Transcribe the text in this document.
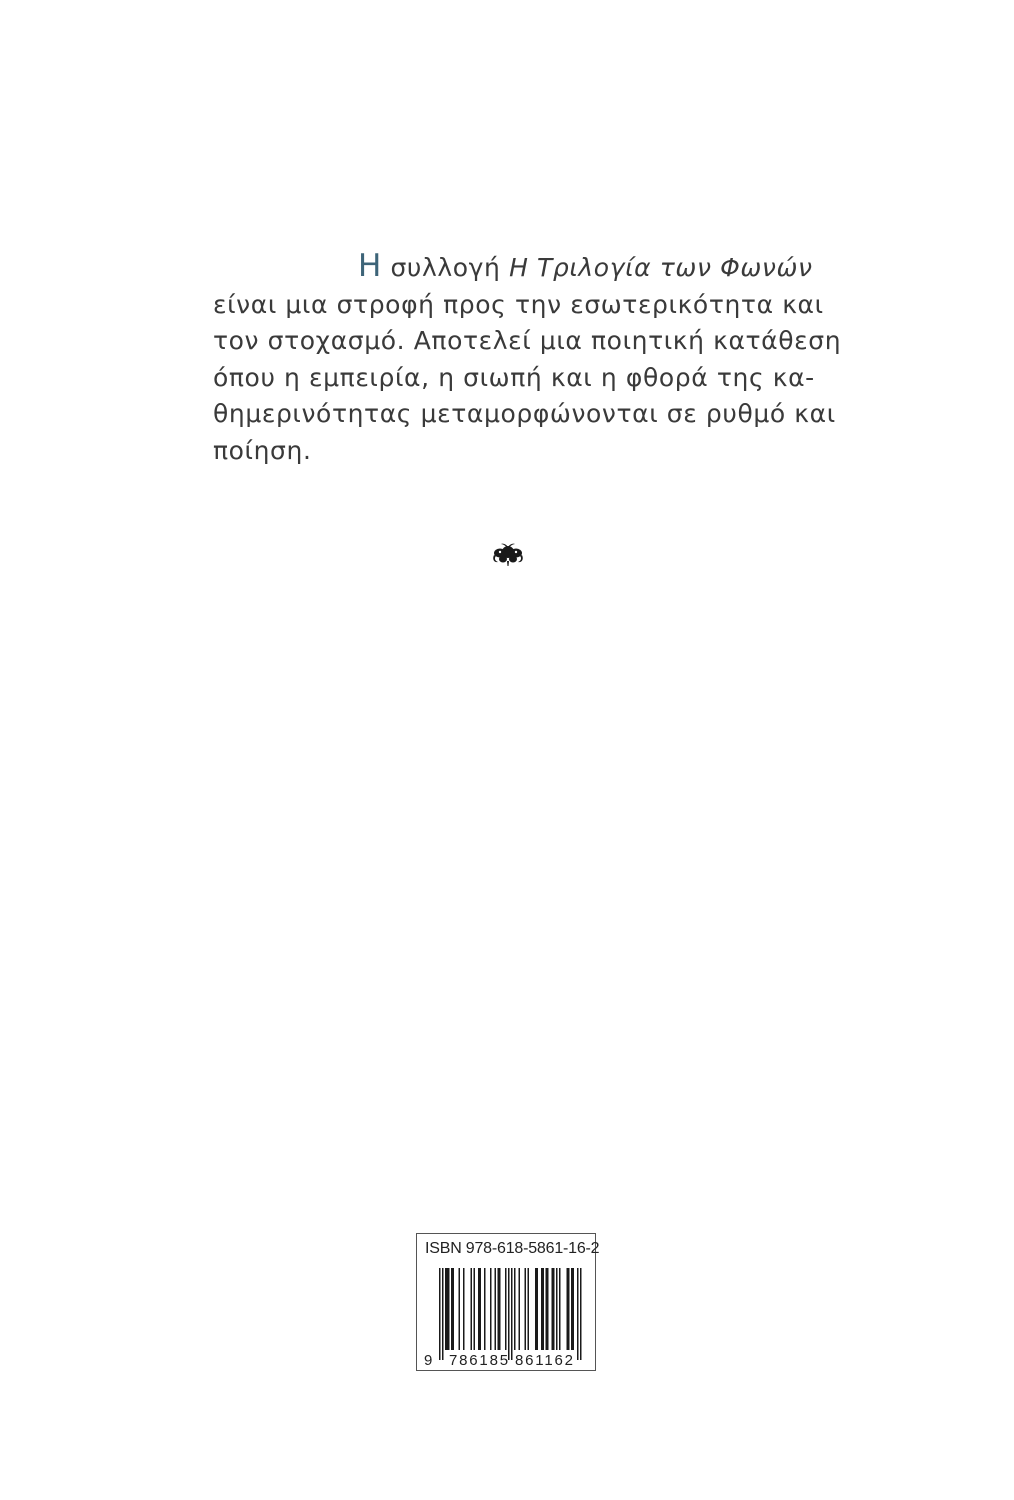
Η συλλογή Η Τριλογία των Φωνών
είναι μια στροφή προς την εσωτερικότητα και
τον στοχασμό. Αποτελεί μια ποιητική κατάθεση
όπου η εμπειρία, η σιωπή και η φθορά της κα-
θημερινότητας μεταμορφώνονται σε ρυθμό και
ποίηση.
ISBN 978-618-5861-16-2
9 786185 861162
